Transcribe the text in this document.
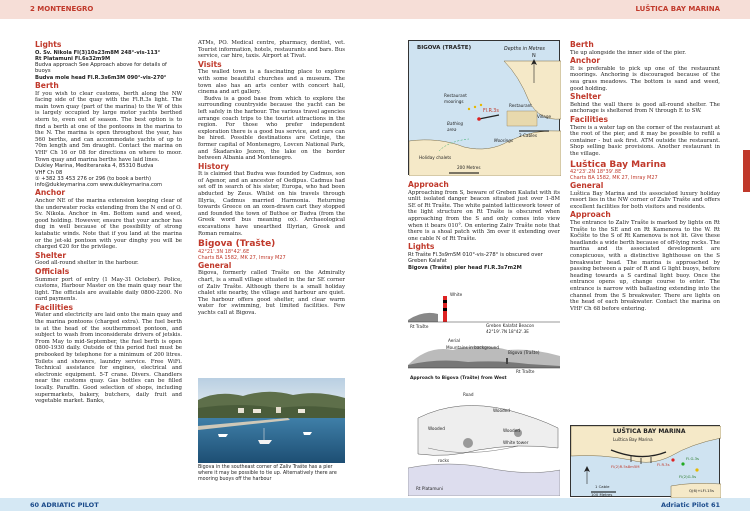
2 MONTENEGRO
Lights
O. Sv. Nikola Fl(3)10s23m8M 248°-vis-113°
Rt Platamuni Fl.6s32m9M
Budva approach See Approach above for details of buoys
Budva mole head Fl.R.3s6m3M 090°-vis-270°
Berth

If you wish to clear customs, berth along the NW facing side of the quay with the Fl.R.3s light. The main town quay (part of the marina) to the W of this is largely occupied by large motor yachts berthed stern to, even out of season. The best option is to find a berth at one of the pontoons in the marina to the N. The marina is open throughout the year, has 560 berths, and can accommodate yachts of up to 70m length and 5m draught. Contact the marina on VHF Ch 16 or 08 for directions on where to moor. Town quay and marina berths have laid lines.

Dukley Marina, Mediteranska 4, 85310 Budva
VHF Ch 08
① +382 33 453 276 or 296 (to book a berth)
info@dukleymarina.com www.dukleymarina.com
Anchor

Anchor NE of the marina extension keeping clear of the underwater rocks extending from the N end of O. Sv. Nikola. Anchor in 4m. Bottom sand and weed, good holding. However, ensure that your anchor has dug in well because of the possibility of strong katabatic winds. Note that if you land at the marina or the jet-ski pontoon with your dinghy you will be charged €20 for the privilege.

Shelter

Good all-round shelter in the harbour.

Officials

Summer port of entry (1 May-31 October). Police, customs, Harbour Master on the main quay near the light. The officials are available daily 0800-2200. No card payments.

Facilities

Water and electricity are laid onto the main quay and the marina pontoons (charged extra). The fuel berth is at the head of the southernmost pontoon, and subject to wash from inconsiderate drivers of jetskis. From May to mid-September, the fuel berth is open 0800-1930 daily. Outside of this period fuel must be prebooked by telephone for a minimum of 200 litres. Toilets and showers, laundry service. Free WiFi. Technical assistance for engines, electrical and electronic equipment. 5-T crane. Divers. Chandlers near the customs quay. Gas bottles can be filled locally. Paraffin. Good selection of shops, including supermarkets, bakery, butchers, daily fruit and vegetable market. Banks,

ATMs, PO. Medical centre, pharmacy, dentist, vet. Tourist information, hotels, restaurants and bars. Bus service, car hire, taxis. Airport at Tivat.

Visits

The walled town is a fascinating place to explore with some beautiful churches and a museum. The town also has an arts center with concert hall, cinema and art gallery.

Budva is a good base from which to explore the surrounding countryside because the yacht can be left safely in the harbour. The various travel agencies arrange coach trips to the tourist attractions in the region. For those who prefer independent exploration there is a good bus service, and cars can be hired. Possible destinations are Cetinje, the former capital of Montenegro, Lovcen National Park, and Škadarsko Jezero, the lake on the border between Albania and Montenegro.

History

It is claimed that Budva was founded by Cadmus, son of Agenor, and an ancestor of Oedipus. Cadmus had set off in search of his sister, Europa, who had been abducted by Zeus. Whilst on his travels through Illyria, Cadmus married Harmonia. Returning towards Greece on an oxen-drawn cart they stopped and founded the town of Buthoe or Budva (from the Greek word bus meaning ox). Archaeological excavations have unearthed Illyrian, Greek and Roman remains.

Bigova (Trašte)
42°21'.3N 18°42'.6E
Charts BA 1582, MK 27, Imray M27
General

Bigova, formerly called Trašte on the Admiralty chart, is a small village situated in the far SE corner of Zaliv Trašte. Although there is a small holiday chalet site nearby, the village and harbour are quiet. The harbour offers good shelter, and clear warm water for swimming, but limited facilities. Few yachts call at Bigova.

Bigova in the southeast corner of Zaliv Trašte has a pier where it may be possible to tie up. Alternatively there are mooring buoys off the harbour
60 ADRIATIC PILOT
LUŠTICA BAY MARINA
N
BIGOVA (TRAŠTE)	Depths in Metres
Fl.R.3s
Restaurant
Restaurant moorings
Bathing area
Village
Moorings
Holiday chalets
2 Cables
200 Metres
Approach

Approaching from S, beware of Greben Kalafat with its unlit isolated danger beacon situated just over 1-8M SE of Rt Trašte. The white painted latticework tower of the light structure on Rt Trašte is obscured when approaching from the S and only comes into view when it bears 010°. On entering Zaliv Trašte note that there is a shoal patch with 3m over it extending over one cable N of Rt Trašte.

Lights
Rt Trašte Fl.3s9m5M 010°-vis-278° is obscured over Greben Kalafat
Bigova (Trašte) pier head Fl.R.3s7m2M
White
Rt Trašte	Greben Kalafat Beacon
42°19'.7N 18°42'.3E
Aerial
Mountains in background
Bigova (Trašte)
Rt Trašte
Approach to Bigova (Trašte) from West
Road
Wooded
Wooded
Wooded
White tower
rocks
Rt Platamuni
Berth

Tie up alongside the inner side of the pier.

Anchor

It is preferable to pick up one of the restaurant moorings. Anchoring is discouraged because of the sea grass meadows. The bottom is sand and weed, good holding.

Shelter

Behind the wall there is good all-round shelter. The anchorage is sheltered from N through E to SW.

Facilities

There is a water tap on the corner of the restaurant at the root of the pier, and it may be possible to refill a container - but ask first. ATM outside the restaurant. Shop selling basic provisions. Another restaurant in the village.

Luštica Bay Marina
42°23'.2N 18°39'.8E
Charts BA 1582, MK 27, Imray M27
General

Luštica Bay Marina and its associated luxury holiday resort lies in the NW corner of Zaliv Trašte and offers excellent facilities for both visitors and residents.

Approach

The entrance to Zaliv Trašte is marked by lights on Rt Trašte to the SE and on Rt Kamenova to the W. Rt Kočište to the S of Rt Kamenova is not lit. Give these headlands a wide berth because of off-lying rocks. The marina and its associated development are conspicuous, with a distinctive lighthouse on the S breakwater head. The marina is approached by passing between a pair of R and G light buoys, before heading towards a S cardinal light buoy. Once the entrance opens up, change course to enter. The entrance is narrow with ballasting extending into the channel from the S breakwater. There are lights on the head of each breakwater. Contact the marina on VHF Ch 68 before entering.

LUŠTICA BAY MARINA
Luštica Bay Marina
Fl(2)R.5s8m5M	Fl.R.3s
Fl.G.3s
Fl(2)G.5s
Q(6)+LFl.15s
1 Cable
100 Metres
Adriatic Pilot 61
